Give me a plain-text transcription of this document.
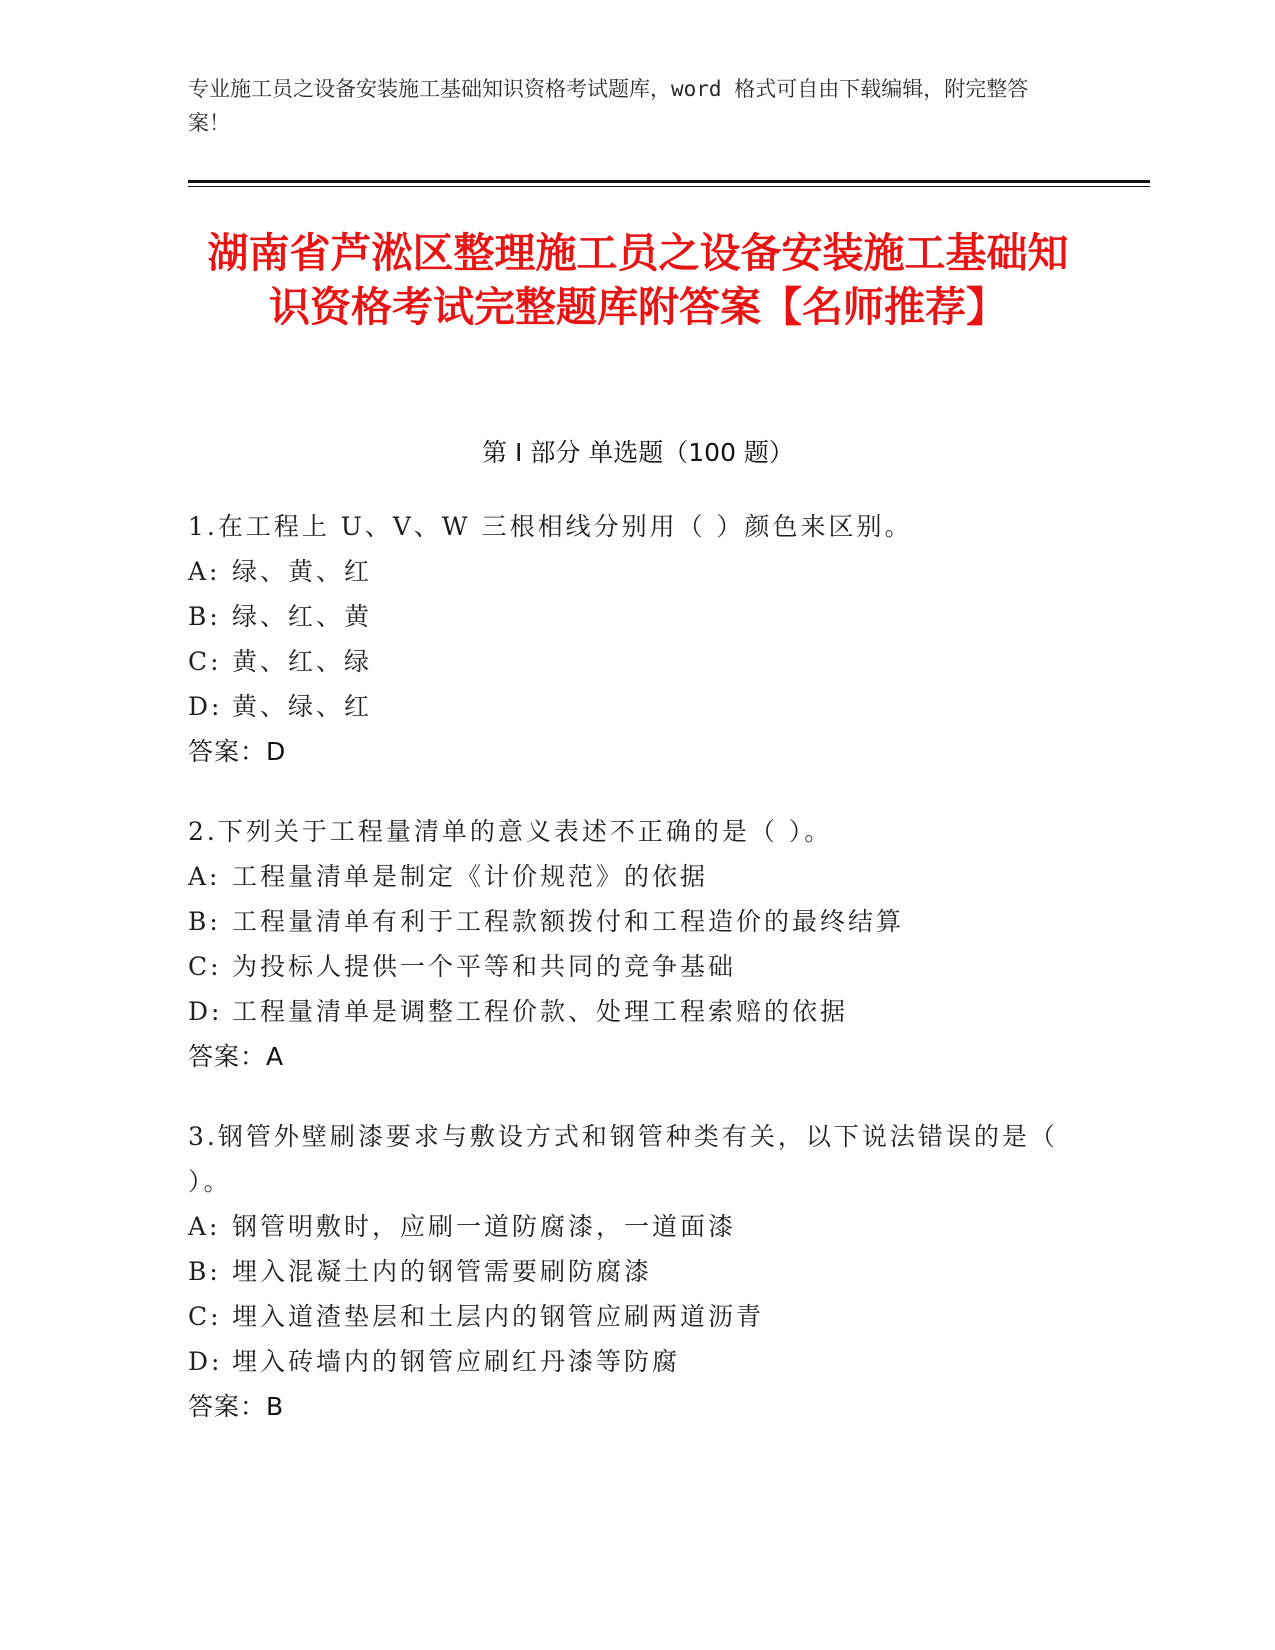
专业施工员之设备安装施工基础知识资格考试题库，word 格式可自由下载编辑，附完整答案！
湖南省芦淞区整理施工员之设备安装施工基础知识资格考试完整题库附答案【名师推荐】
第 I 部分 单选题（100 题）
1.在工程上 U、V、W 三根相线分别用（ ）颜色来区别。
A: 绿、黄、红
B: 绿、红、黄
C: 黄、红、绿
D: 黄、绿、红
答案：D
2.下列关于工程量清单的意义表述不正确的是（ ）。
A: 工程量清单是制定《计价规范》的依据
B: 工程量清单有利于工程款额拨付和工程造价的最终结算
C: 为投标人提供一个平等和共同的竞争基础
D: 工程量清单是调整工程价款、处理工程索赔的依据
答案：A
3.钢管外壁刷漆要求与敷设方式和钢管种类有关，以下说法错误的是（ ）。
A: 钢管明敷时，应刷一道防腐漆，一道面漆
B: 埋入混凝土内的钢管需要刷防腐漆
C: 埋入道渣垫层和土层内的钢管应刷两道沥青
D: 埋入砖墙内的钢管应刷红丹漆等防腐
答案：B
